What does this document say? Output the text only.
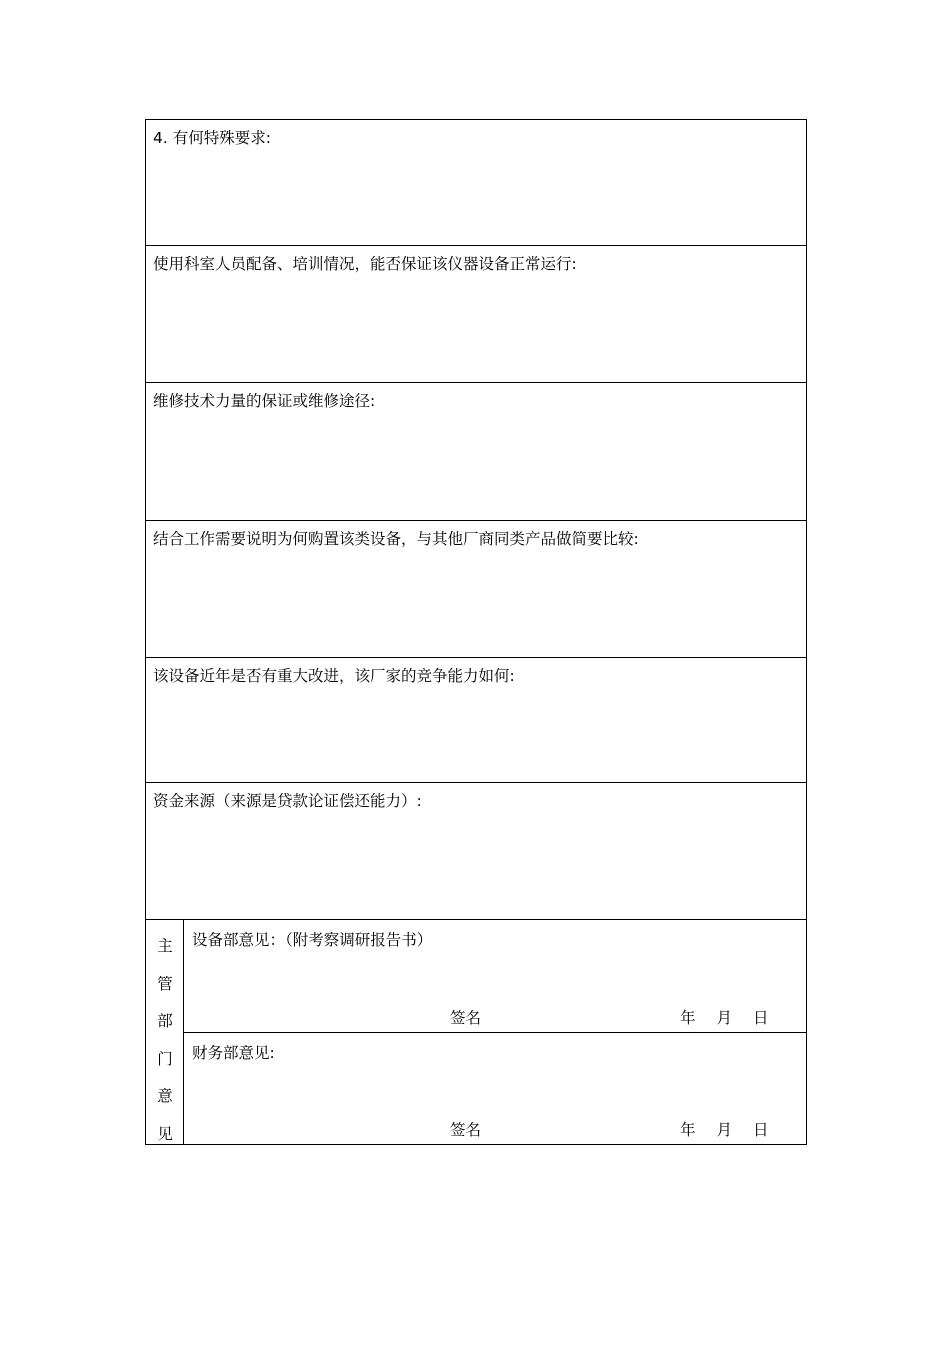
4. 有何特殊要求:

使用科室人员配备、培训情况，能否保证该仪器设备正常运行:

维修技术力量的保证或维修途径:

结合工作需要说明为何购置该类设备，与其他厂商同类产品做简要比较:

该设备近年是否有重大改进，该厂家的竞争能力如何:

资金来源（来源是贷款论证偿还能力）:

主
管
部
门
意
见

设备部意见：（附考察调研报告书）
签名	年 月 日

财务部意见:
签名	年 月 日
